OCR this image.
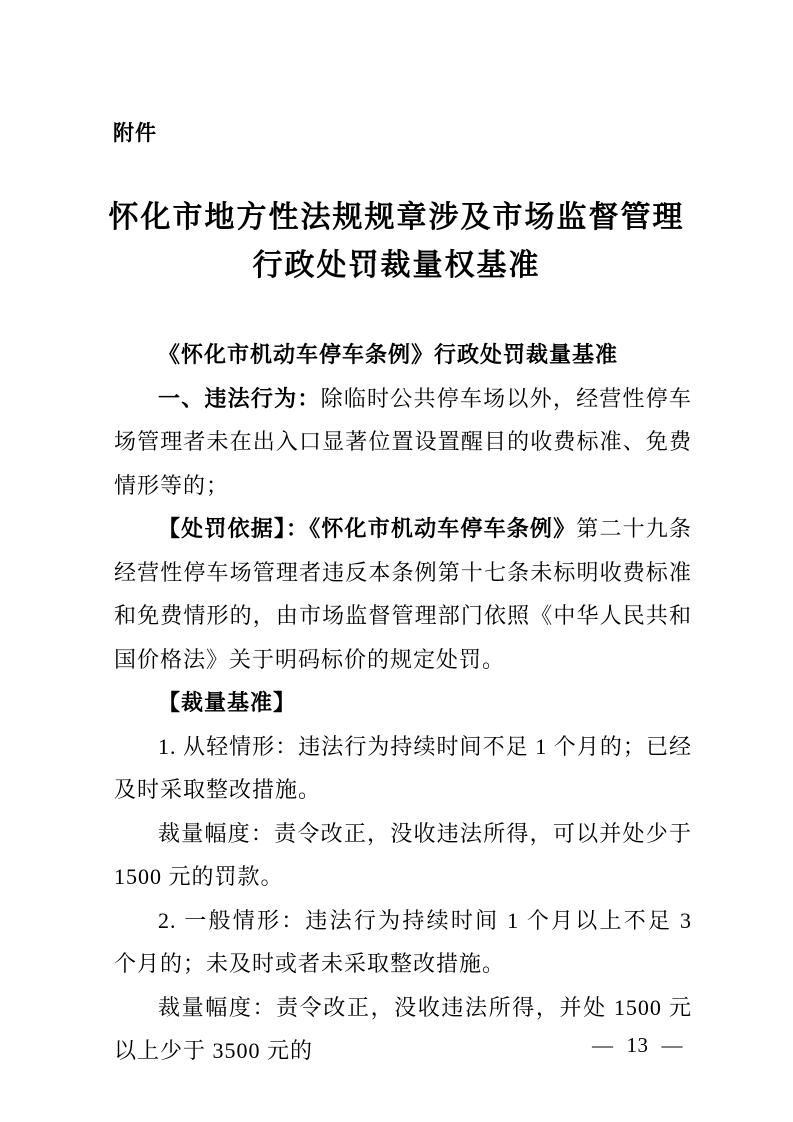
附件
怀化市地方性法规规章涉及市场监督管理
行政处罚裁量权基准

《怀化市机动车停车条例》行政处罚裁量基准

一、违法行为：除临时公共停车场以外，经营性停车场管理者未在出入口显著位置设置醒目的收费标准、免费情形等的；

【处罚依据】：《怀化市机动车停车条例》第二十九条经营性停车场管理者违反本条例第十七条未标明收费标准和免费情形的，由市场监督管理部门依照《中华人民共和国价格法》关于明码标价的规定处罚。

【裁量基准】

1. 从轻情形：违法行为持续时间不足 1 个月的；已经及时采取整改措施。

裁量幅度：责令改正，没收违法所得，可以并处少于 1500 元的罚款。

2. 一般情形：违法行为持续时间 1 个月以上不足 3 个月的；未及时或者未采取整改措施。

裁量幅度：责令改正，没收违法所得，并处 1500 元以上少于 3500 元的	— 13 —
